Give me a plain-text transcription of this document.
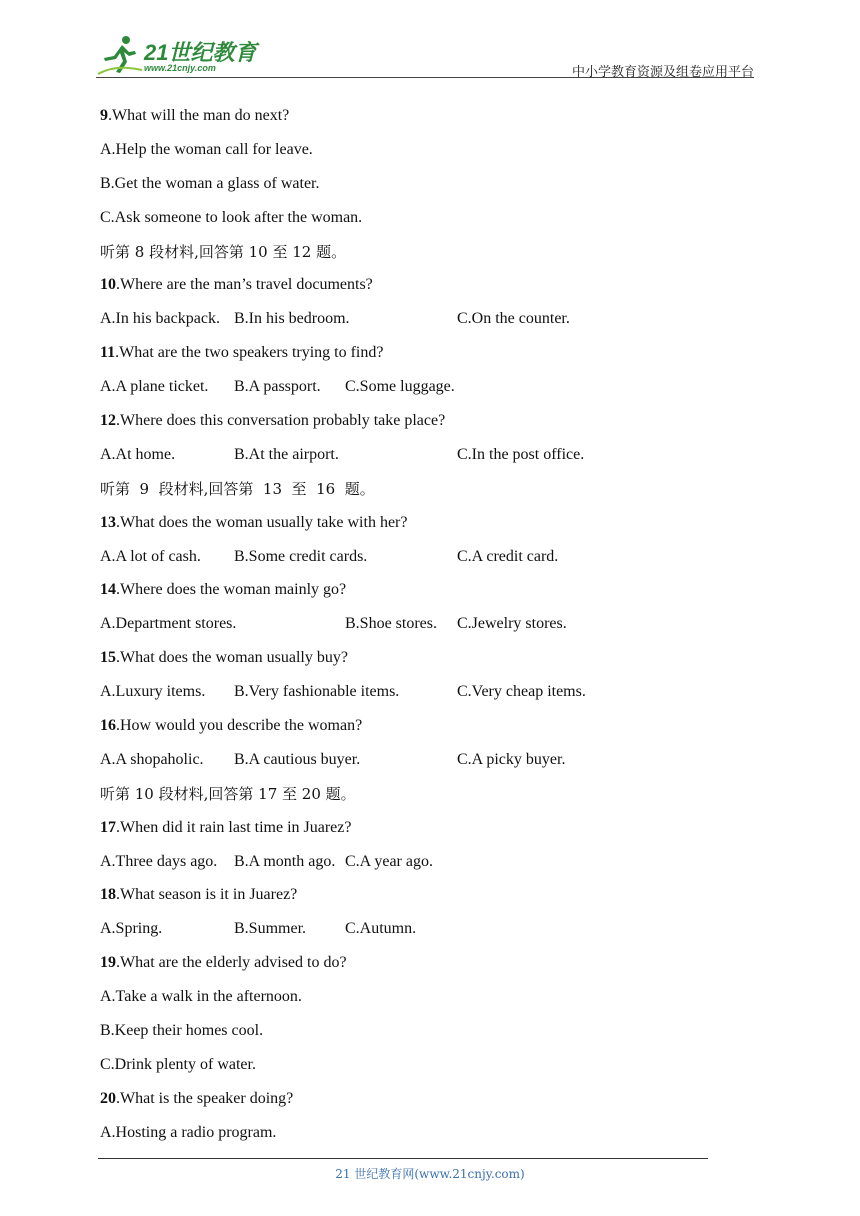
21世纪教育
www.21cnjy.com	中小学教育资源及组卷应用平台
9.What will the man do next?
A.Help the woman call for leave.
B.Get the woman a glass of water.
C.Ask someone to look after the woman.
听第 8 段材料,回答第 10 至 12 题。
10.Where are the man’s travel documents?
A.In his backpack. B.In his bedroom.	C.On the counter.
11.What are the two speakers trying to find?
A.A plane ticket. B.A passport. C.Some luggage.
12.Where does this conversation probably take place?
A.At home.	B.At the airport.	C.In the post office.
听第  9  段材料,回答第  13  至  16  题。
13.What does the woman usually take with her?
A.A lot of cash. B.Some credit cards.	C.A credit card.
14.Where does the woman mainly go?
A.Department stores.	B.Shoe stores. C.Jewelry stores.
15.What does the woman usually buy?
A.Luxury items. B.Very fashionable items.	C.Very cheap items.
16.How would you describe the woman?
A.A shopaholic. B.A cautious buyer.	C.A picky buyer.
听第 10 段材料,回答第 17 至 20 题。
17.When did it rain last time in Juarez?
A.Three days ago. B.A month ago. C.A year ago.
18.What season is it in Juarez?
A.Spring.	B.Summer. C.Autumn.
19.What are the elderly advised to do?
A.Take a walk in the afternoon.
B.Keep their homes cool.
C.Drink plenty of water.
20.What is the speaker doing?
A.Hosting a radio program.
21 世纪教育网(www.21cnjy.com)
